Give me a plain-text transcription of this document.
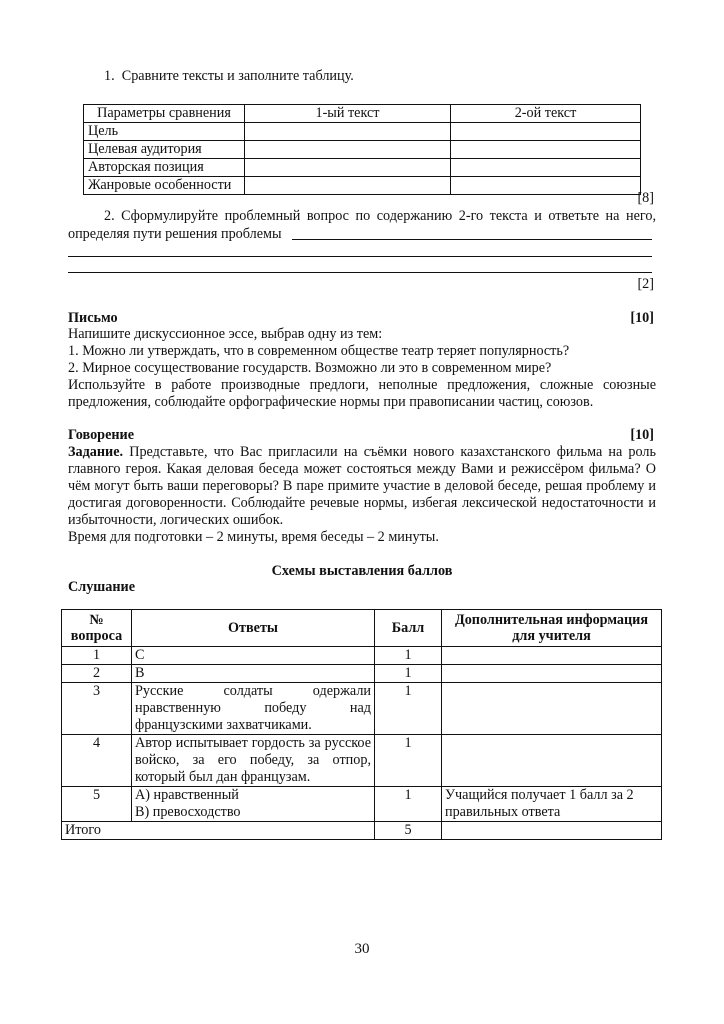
1.  Сравните тексты и заполните таблицу.
Параметры сравнения	1-ый текст	2-ой текст
Цель		
Целевая аудитория		
Авторская позиция		
Жанровые особенности		
[8]
2. Сформулируйте проблемный вопрос по содержанию 2-го текста и ответьте на него,
определяя пути решения проблемы
[2]
Письмо	[10]
Напишите дискуссионное эссе, выбрав одну из тем:
1. Можно ли утверждать, что в современном обществе театр теряет популярность?
2. Мирное сосуществование государств. Возможно ли это в современном мире?

Используйте в работе производные предлоги, неполные предложения, сложные союзные предложения, соблюдайте орфографические нормы при правописании частиц, союзов.

Говорение	[10]

Задание. Представьте, что Вас пригласили на съёмки нового казахстанского фильма на роль главного героя. Какая деловая беседа может состояться между Вами и режиссёром фильма? О чём могут быть ваши переговоры? В паре примите участие в деловой беседе, решая проблему и достигая договоренности. Соблюдайте речевые нормы, избегая лексической недостаточности и избыточности, логических ошибок.

Время для подготовки – 2 минуты, время беседы – 2 минуты.
Схемы выставления баллов
Слушание
№ вопроса	Ответы	Балл	Дополнительная информация для учителя
1	C	1	
2	B	1	
3	Русские солдаты одержали нравственную победу над французскими захватчиками.	1	
4	Автор испытывает гордость за русское войско, за его победу, за отпор, который был дан французам.	1	
5	А) нравственный
В) превосходство	1	Учащийся получает 1 балл за 2 правильных ответа
Итого		5	
30
